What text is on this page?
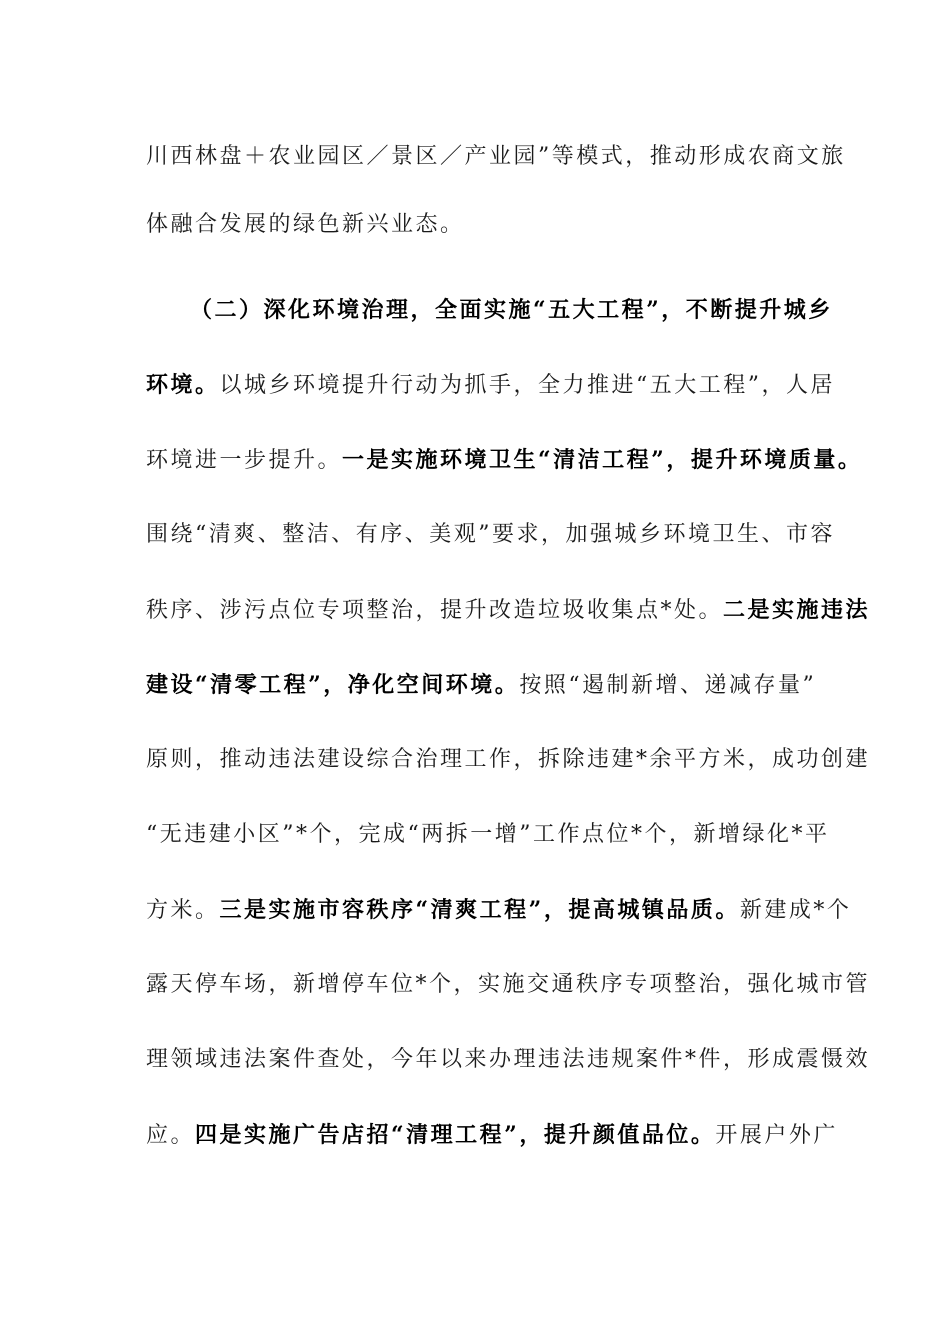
川西林盘＋农业园区／景区／产业园”等模式，推动形成农商文旅
体融合发展的绿色新兴业态。
（二）深化环境治理，全面实施“五大工程”，不断提升城乡
环境。以城乡环境提升行动为抓手，全力推进“五大工程”，人居
环境进一步提升。一是实施环境卫生“清洁工程”，提升环境质量。
围绕“清爽、整洁、有序、美观”要求，加强城乡环境卫生、市容
秩序、涉污点位专项整治，提升改造垃圾收集点*处。二是实施违法
建设“清零工程”，净化空间环境。按照“遏制新增、递减存量”
原则，推动违法建设综合治理工作，拆除违建*余平方米，成功创建
“无违建小区”*个，完成“两拆一增”工作点位*个，新增绿化*平
方米。三是实施市容秩序“清爽工程”，提高城镇品质。新建成*个
露天停车场，新增停车位*个，实施交通秩序专项整治，强化城市管
理领域违法案件查处，今年以来办理违法违规案件*件，形成震慑效
应。四是实施广告店招“清理工程”，提升颜值品位。开展户外广
